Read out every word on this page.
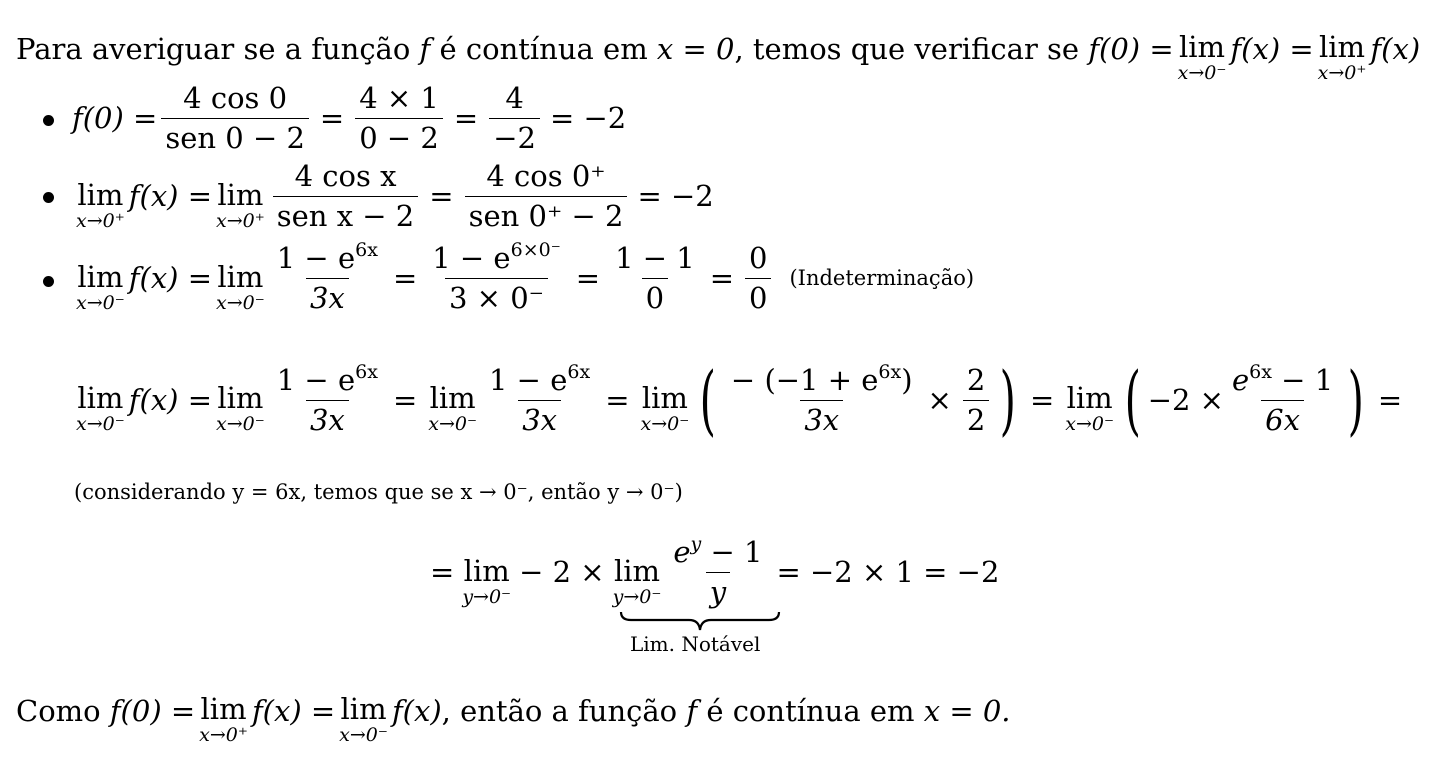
Para averiguar se a função
f
é contínua em
x = 0 , temos que verificar se
f(0) = lim
x→0⁻
f(x) = lim
x→0⁺
f(x)
$f(0) = \frac{4 \cos 0}{\text{sen 0 − 2}} = \frac{4 \times 1}{0 - 2} = \frac{4}{-2} = -2$
lim
x→0⁺
f(x) = lim
$x\to 0^+ \frac{\text{4 cos x}}{\text{sen x − 2}} = \frac{4 \cos 0^+}{\text{sen 0⁺ − 2}} = -2$
lim
x→0⁻
f(x) = lim
$x\to 0^- \frac{1 - e^{6x}}{3x} = \frac{1 - e^{6\times 0^-}}{3 \times 0^-} = \frac{1 - 1}{0} = \frac{0}{0}$ (Indeterminação)
lim
x→0⁻
f(x) = lim
$x\to 0^- \frac{1 - e^{6x}}{3x} = \lim$
$x\to 0^- \frac{1 - e^{6x}}{3x} = \lim$
x→0⁻ ( $\frac{- (-1 + e^{6x})}{3x} \times \frac{2}{2}$ ) = lim
x→0⁻ ( $-2 \times \frac{e^{6x} - 1}{6x}$ ) =
(considerando y = 6x, temos que se x → 0⁻, então y → 0⁻)
= lim
y→0⁻
− 2 × lim
$y\to 0^- \frac{e^y - 1}{y} = -2 \times 1 = -2$
Lim. Notável
Como
f(0) = lim
x→0⁺
f(x) = lim
x→0⁻
f(x) , então a função
f
é contínua em
x = 0.
